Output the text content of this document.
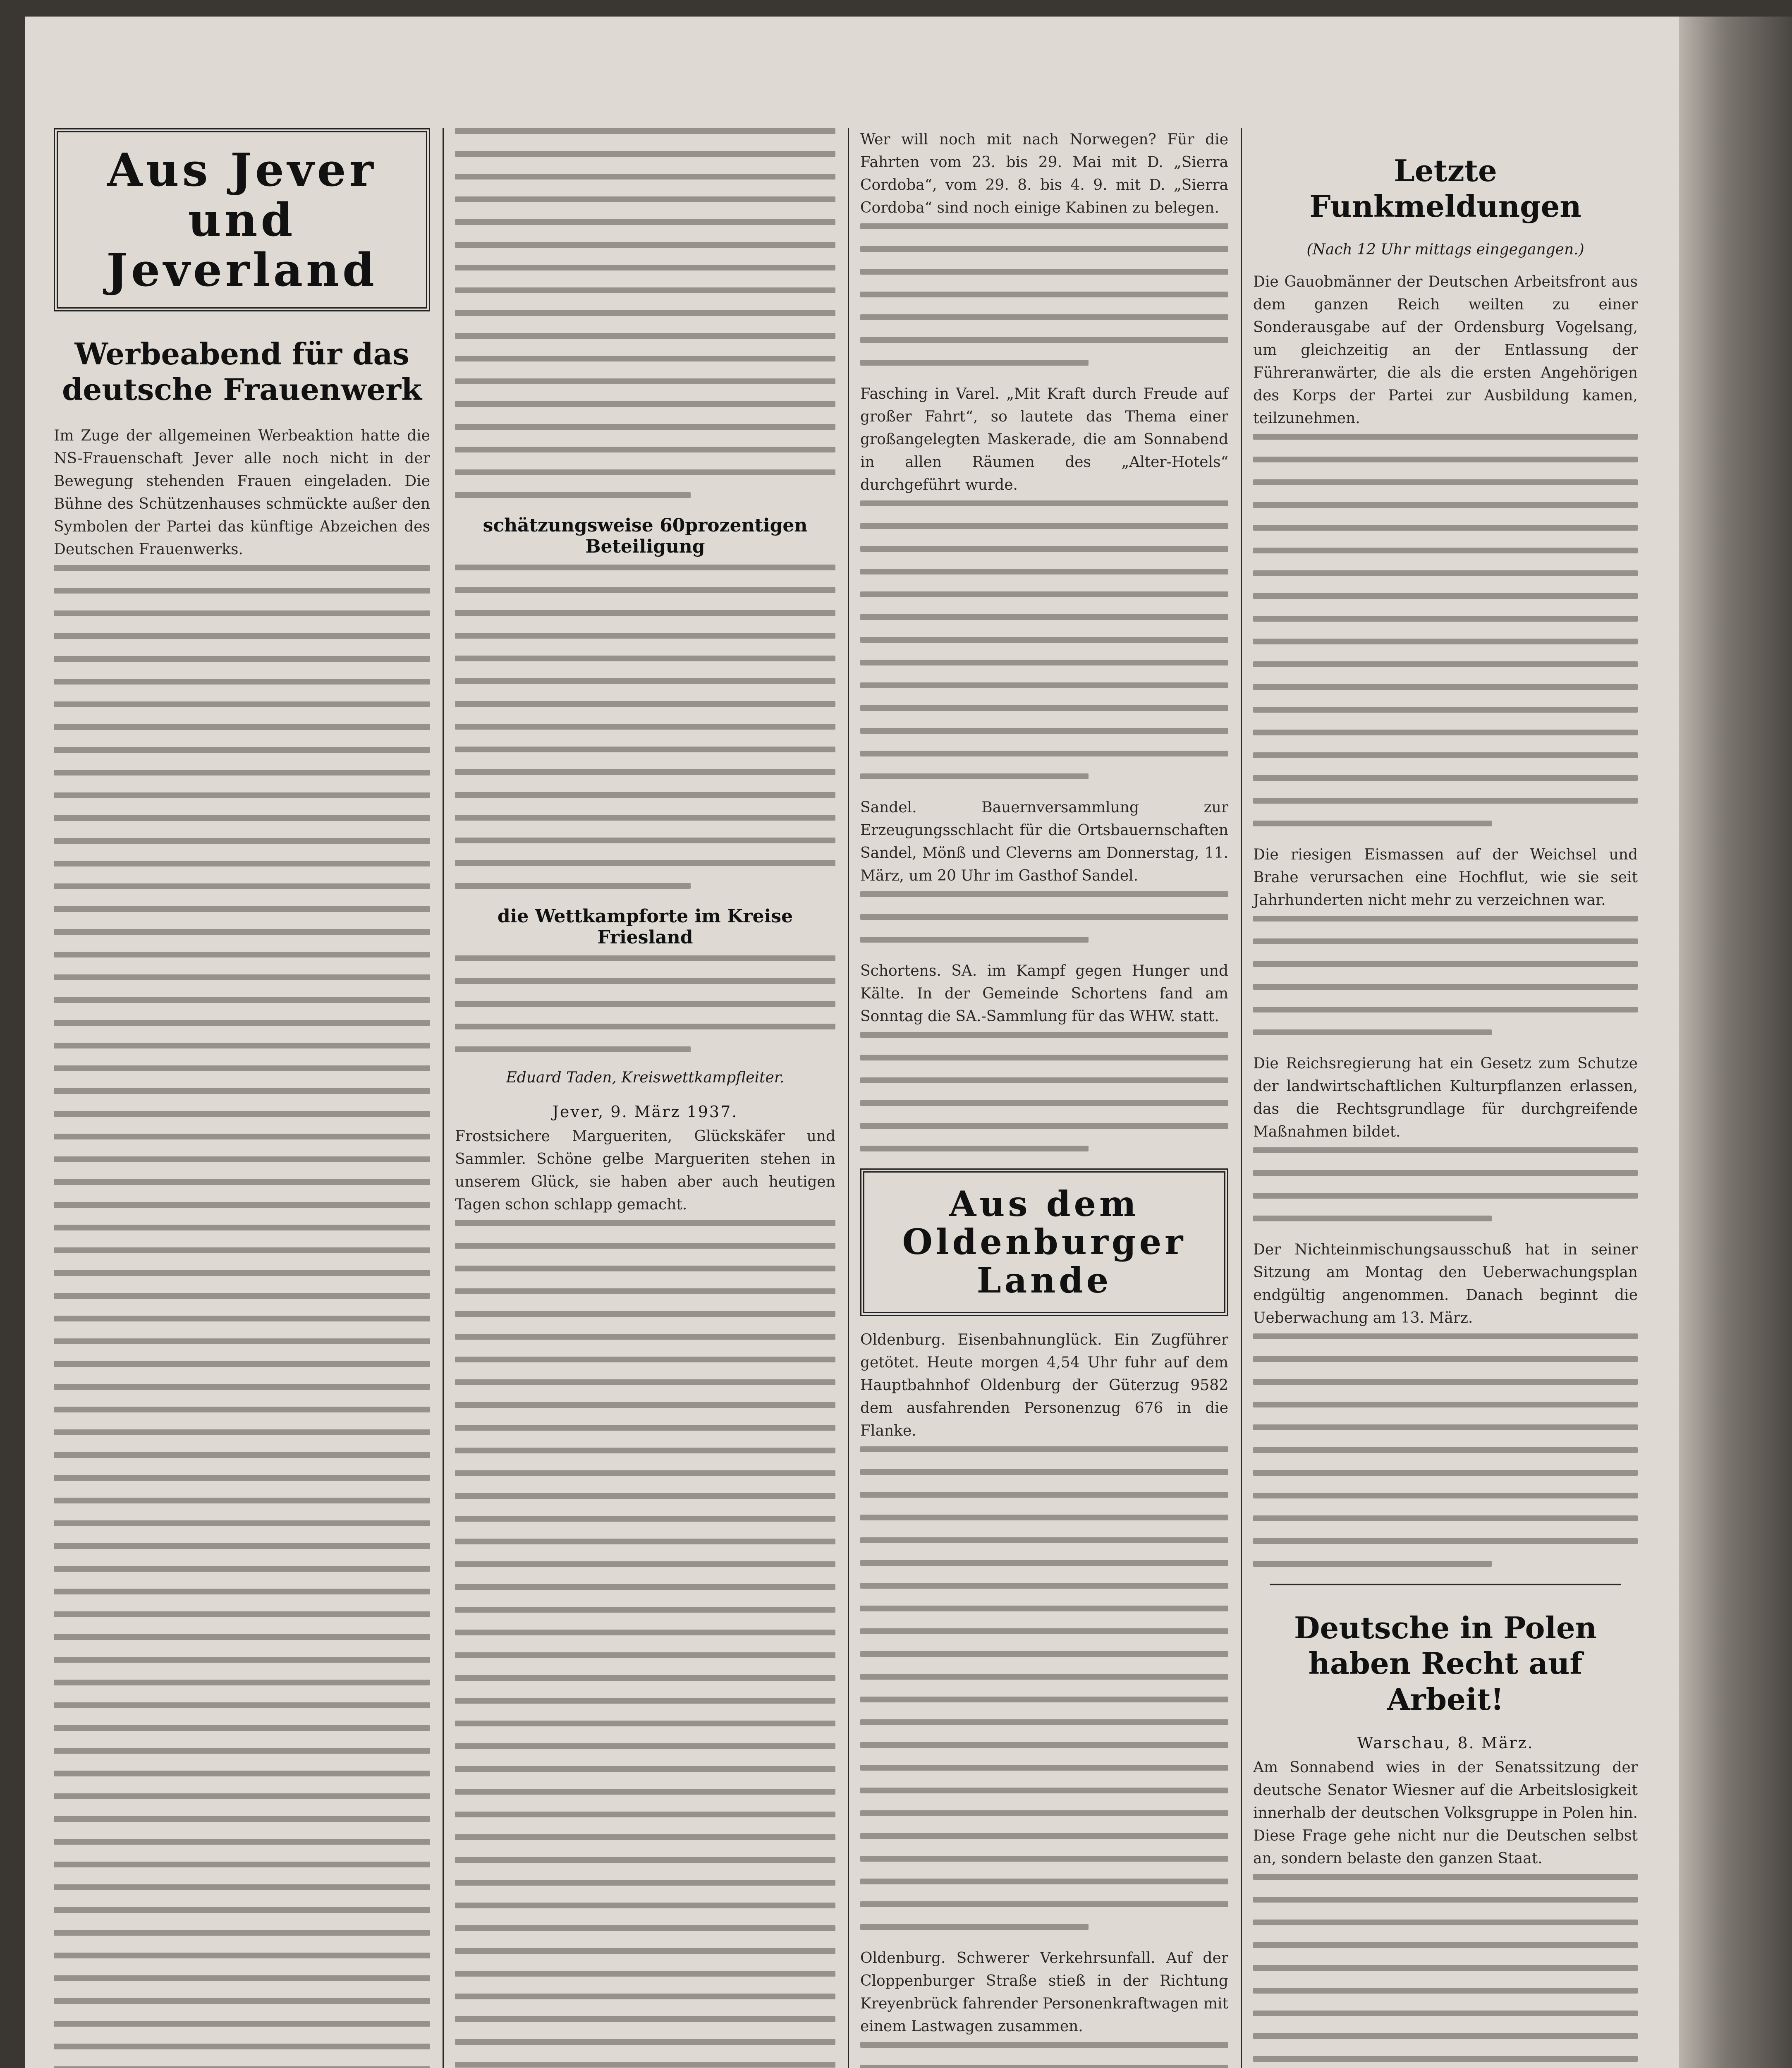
Aus Jever und Jeverland
Werbeabend für das deutsche Frauenwerk

Im Zuge der allgemeinen Werbeaktion hatte die NS-Frauenschaft Jever alle noch nicht in der Bewegung stehenden Frauen eingeladen. Die Bühne des Schützenhauses schmückte außer den Symbolen der Partei das künftige Abzeichen des Deutschen Frauenwerks.

schätzungsweise 60prozentigen Beteiligung
die Wettkampforte im Kreise Friesland
Eduard Taden, Kreiswettkampfleiter.
Jever, 9. März 1937.

Frostsichere Margueriten, Glückskäfer und Sammler. Schöne gelbe Margueriten stehen in unserem Glück, sie haben aber auch heutigen Tagen schon schlapp gemacht.

Wer will noch mit nach Norwegen? Für die Fahrten vom 23. bis 29. Mai mit D. „Sierra Cordoba“, vom 29. 8. bis 4. 9. mit D. „Sierra Cordoba“ sind noch einige Kabinen zu belegen.

Fasching in Varel. „Mit Kraft durch Freude auf großer Fahrt“, so lautete das Thema einer großangelegten Maskerade, die am Sonnabend in allen Räumen des „Alter-Hotels“ durchgeführt wurde.

Sandel. Bauernversammlung zur Erzeugungsschlacht für die Ortsbauernschaften Sandel, Mönß und Cleverns am Donnerstag, 11. März, um 20 Uhr im Gasthof Sandel.

Schortens. SA. im Kampf gegen Hunger und Kälte. In der Gemeinde Schortens fand am Sonntag die SA.-Sammlung für das WHW. statt.

Aus dem Oldenburger Lande

Oldenburg. Eisenbahnunglück. Ein Zugführer getötet. Heute morgen 4,54 Uhr fuhr auf dem Hauptbahnhof Oldenburg der Güterzug 9582 dem ausfahrenden Personenzug 676 in die Flanke.

Oldenburg. Schwerer Verkehrsunfall. Auf der Cloppenburger Straße stieß in der Richtung Kreyenbrück fahrender Personenkraftwagen mit einem Lastwagen zusammen.

Letzte Funkmeldungen
(Nach 12 Uhr mittags eingegangen.)

Die Gauobmänner der Deutschen Arbeitsfront aus dem ganzen Reich weilten zu einer Sonderausgabe auf der Ordensburg Vogelsang, um gleichzeitig an der Entlassung der Führeranwärter, die als die ersten Angehörigen des Korps der Partei zur Ausbildung kamen, teilzunehmen.

Die riesigen Eismassen auf der Weichsel und Brahe verursachen eine Hochflut, wie sie seit Jahrhunderten nicht mehr zu verzeichnen war.

Die Reichsregierung hat ein Gesetz zum Schutze der landwirtschaftlichen Kulturpflanzen erlassen, das die Rechtsgrundlage für durchgreifende Maßnahmen bildet.

Der Nichteinmischungsausschuß hat in seiner Sitzung am Montag den Ueberwachungsplan endgültig angenommen. Danach beginnt die Ueberwachung am 13. März.

Deutsche in Polen haben Recht auf Arbeit!
Warschau, 8. März.

Am Sonnabend wies in der Senatssitzung der deutsche Senator Wiesner auf die Arbeitslosigkeit innerhalb der deutschen Volksgruppe in Polen hin. Diese Frage gehe nicht nur die Deutschen selbst an, sondern belaste den ganzen Staat.
